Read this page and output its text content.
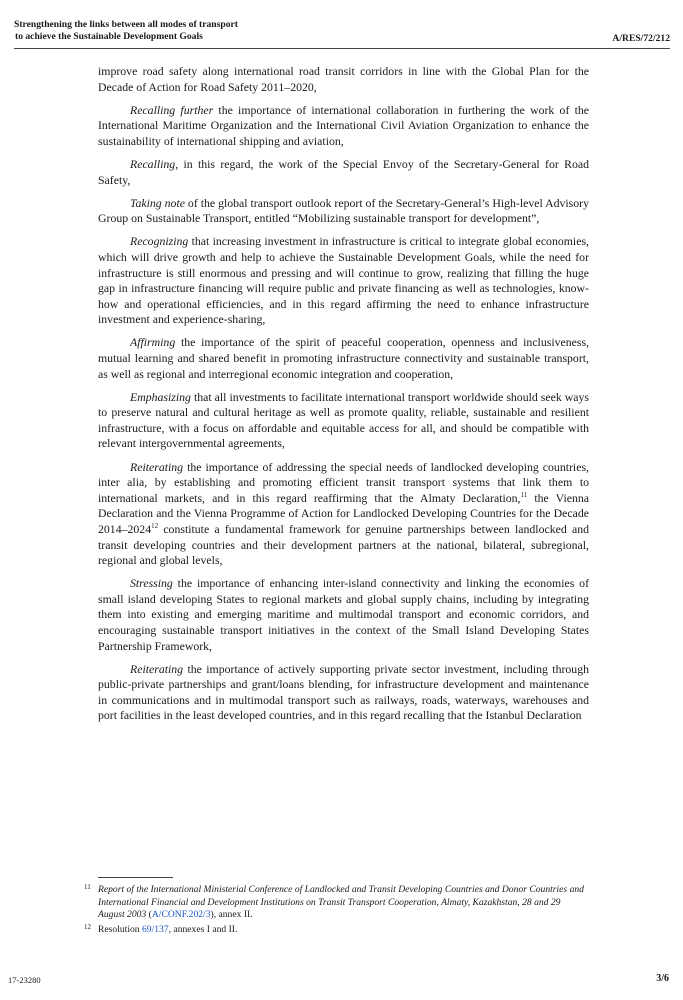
Strengthening the links between all modes of transport
to achieve the Sustainable Development Goals	A/RES/72/212

improve road safety along international road transit corridors in line with the Global Plan for the Decade of Action for Road Safety 2011–2020,

Recalling further the importance of international collaboration in furthering the work of the International Maritime Organization and the International Civil Aviation Organization to enhance the sustainability of international shipping and aviation,

Recalling, in this regard, the work of the Special Envoy of the Secretary-General for Road Safety,

Taking note of the global transport outlook report of the Secretary-General’s High-level Advisory Group on Sustainable Transport, entitled “Mobilizing sustainable transport for development”,

Recognizing that increasing investment in infrastructure is critical to integrate global economies, which will drive growth and help to achieve the Sustainable Development Goals, while the need for infrastructure is still enormous and pressing and will continue to grow, realizing that filling the huge gap in infrastructure financing will require public and private financing as well as technologies, know-how and operational efficiencies, and in this regard affirming the need to enhance infrastructure investment and experience-sharing,

Affirming the importance of the spirit of peaceful cooperation, openness and inclusiveness, mutual learning and shared benefit in promoting infrastructure connectivity and sustainable transport, as well as regional and interregional economic integration and cooperation,

Emphasizing that all investments to facilitate international transport worldwide should seek ways to preserve natural and cultural heritage as well as promote quality, reliable, sustainable and resilient infrastructure, with a focus on affordable and equitable access for all, and should be compatible with relevant intergovernmental agreements,

Reiterating the importance of addressing the special needs of landlocked developing countries, inter alia, by establishing and promoting efficient transit transport systems that link them to international markets, and in this regard reaffirming that the Almaty Declaration,$^{11}$ the Vienna Declaration and the Vienna Programme of Action for Landlocked Developing Countries for the Decade 2014–2024$^{12}$ constitute a fundamental framework for genuine partnerships between landlocked and transit developing countries and their development partners at the national, bilateral, subregional, regional and global levels,

Stressing the importance of enhancing inter-island connectivity and linking the economies of small island developing States to regional markets and global supply chains, including by integrating them into existing and emerging maritime and multimodal transport and economic corridors, and encouraging sustainable transport initiatives in the context of the Small Island Developing States Partnership Framework,

Reiterating the importance of actively supporting private sector investment, including through public-private partnerships and grant/loans blending, for infrastructure development and maintenance in communications and in multimodal transport such as railways, roads, waterways, warehouses and port facilities in the least developed countries, and in this regard recalling that the Istanbul Declaration

11 Report of the International Ministerial Conference of Landlocked and Transit Developing Countries and Donor Countries and International Financial and Development Institutions on Transit Transport Cooperation, Almaty, Kazakhstan, 28 and 29 August 2003 (A/CONF.202/3), annex II.
12 Resolution 69/137, annexes I and II.
17-23280	3/6
